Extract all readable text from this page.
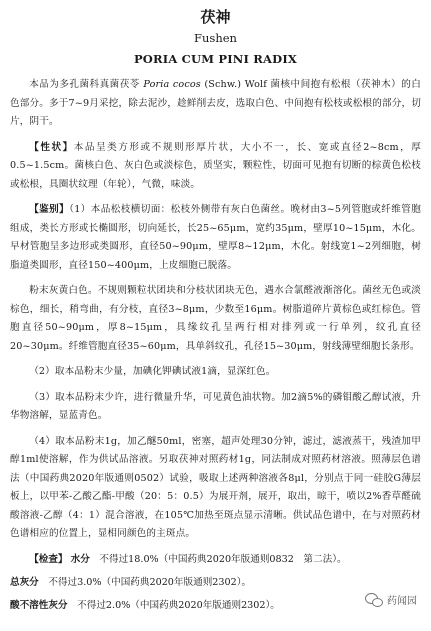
茯神
Fushen
PORIA CUM PINI RADIX

本品为多孔菌科真菌茯苓 Poria cocos (Schw.) Wolf 菌核中间抱有松根（茯神木）的白色部分。多于7~9月采挖，除去泥沙，趁鲜削去皮，选取白色、中间抱有松枝或松根的部分，切片，阴干。

【性状】本品呈类方形或不规则形厚片状，大小不一，长、宽或直径2~8cm，厚0.5~1.5cm。菌核白色、灰白色或淡棕色，质坚实，颗粒性，切面可见抱有切断的棕黄色松枝或松根，具圈状纹理（年轮），气微，味淡。

【鉴别】（1）本品松枝横切面：松枝外侧带有灰白色菌丝。晚材由3~5列管胞或纤维管胞组成，类长方形或长椭圆形，切向延长，长25~65μm，宽约35μm，壁厚10~15μm，木化。早材管胞呈多边形或类圆形，直径50~90μm，壁厚8~12μm，木化。射线宽1~2列细胞，树脂道类圆形，直径150~400μm，上皮细胞已脱落。

粉末灰黄白色。不规则颗粒状团块和分枝状团块无色，遇水合氯醛液渐溶化。菌丝无色或淡棕色，细长，稍弯曲，有分枝，直径3~8μm，少数至16μm。树脂道碎片黄棕色或红棕色。管胞直径50~90μm，厚8~15μm，具缘纹孔呈两行相对排列或一行单列，纹孔直径20~30μm。纤维管胞直径35~60μm，具单斜纹孔，孔径15~30μm，射线薄壁细胞长条形。

（2）取本品粉末少量，加碘化钾碘试液1滴，显深红色。

（3）取本品粉末少许，进行微量升华，可见黄色油状物。加2滴5%的磷钼酸乙醇试液，升华物溶解，显蓝青色。

（4）取本品粉末1g，加乙醚50ml，密塞，超声处理30分钟，滤过，滤液蒸干，残渣加甲醇1ml使溶解，作为供试品溶液。另取茯神对照药材1g，同法制成对照药材溶液。照薄层色谱法（中国药典2020年版通则0502）试验，吸取上述两种溶液各8μl，分别点于同一硅胶G薄层板上，以甲苯-乙酸乙酯-甲酸（20：5：0.5）为展开剂，展开，取出，晾干，喷以2%香草醛硫酸溶液-乙醇（4：1）混合溶液，在105℃加热至斑点显示清晰。供试品色谱中，在与对照药材色谱相应的位置上，显相同颜色的主斑点。

【检查】 水分　 不得过18.0%（中国药典2020年版通则0832　第二法）。
总灰分　 不得过3.0%（中国药典2020年版通则2302）。
酸不溶性灰分　 不得过2.0%（中国药典2020年版通则2302）。	药闻园
